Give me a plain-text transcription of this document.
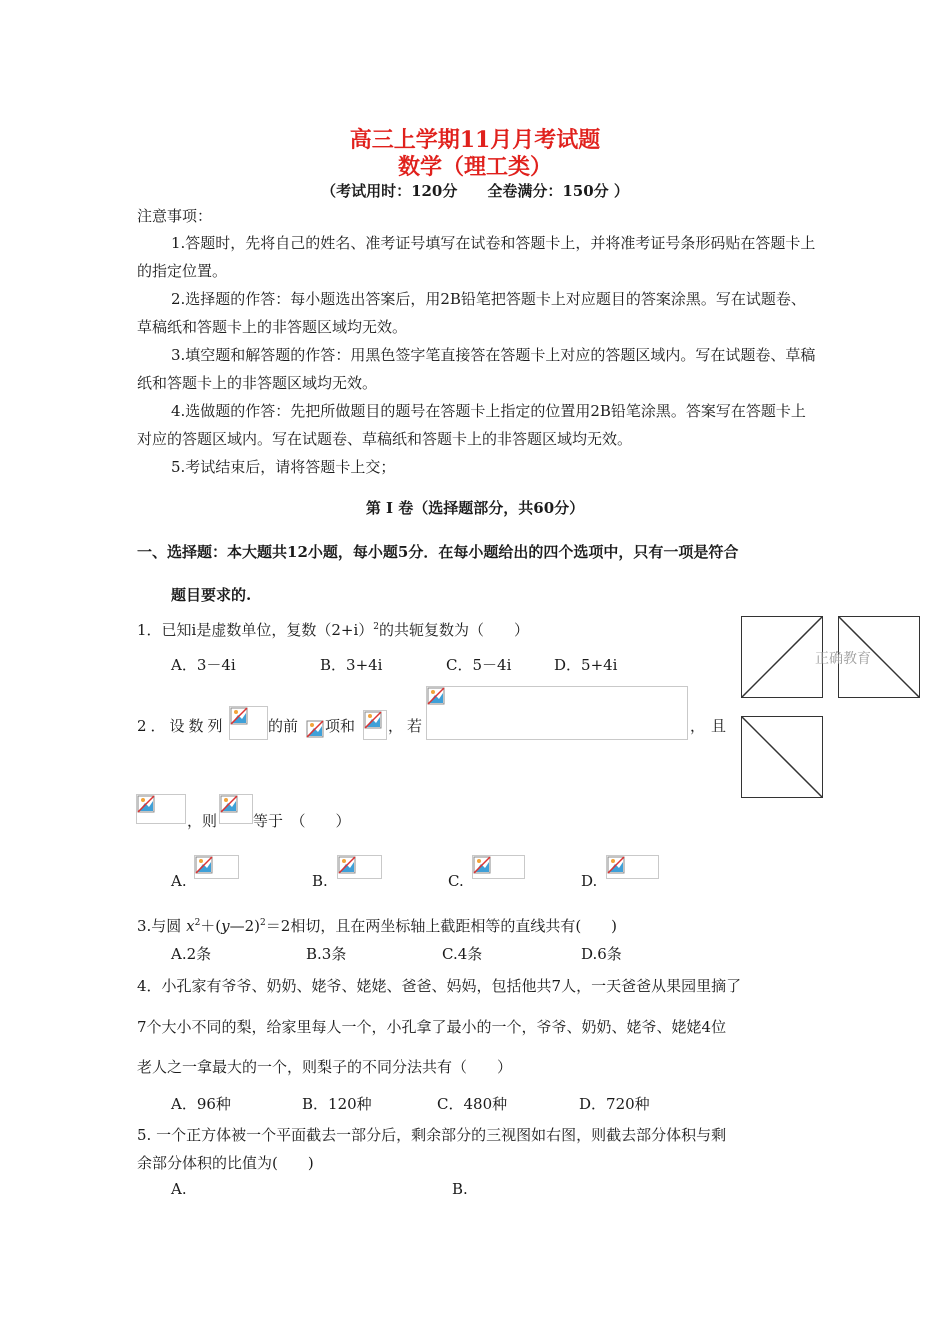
高三上学期11月月考试题
数学（理工类）
（考试用时：120分　　全卷满分：150分 ）
注意事项：
1.答题时，先将自己的姓名、准考证号填写在试卷和答题卡上，并将准考证号条形码贴在答题卡上的指定位置。
2.选择题的作答：每小题选出答案后，用2B铅笔把答题卡上对应题目的答案涂黑。写在试题卷、草稿纸和答题卡上的非答题区域均无效。
3.填空题和解答题的作答：用黑色签字笔直接答在答题卡上对应的答题区域内。写在试题卷、草稿纸和答题卡上的非答题区域均无效。
4.选做题的作答：先把所做题目的题号在答题卡上指定的位置用2B铅笔涂黑。答案写在答题卡上对应的答题区域内。写在试题卷、草稿纸和答题卡上的非答题区域均无效。
5.考试结束后，请将答题卡上交；
第 I 卷（选择题部分，共60分）
一、选择题：本大题共12小题，每小题5分．在每小题给出的四个选项中，只有一项是符合
题目要求的.
1．已知i是虚数单位，复数$(2+i)^2$的共轭复数为（　　）
A．3－4i	B．3+4i	C．5－4i	D．5+4i	正确教育
2．设数列	的前 项和 ，若	，且
，则 等于　（　　）
A.	B.	C.	D.
3.与圆 $x^2+(y—2)^2=2$相切，且在两坐标轴上截距相等的直线共有(　　)
A.2条	B.3条	C.4条	D.6条
4．小孔家有爷爷、奶奶、姥爷、姥姥、爸爸、妈妈，包括他共7人，一天爸爸从果园里摘了
7个大小不同的梨，给家里每人一个，小孔拿了最小的一个，爷爷、奶奶、姥爷、姥姥4位
老人之一拿最大的一个，则梨子的不同分法共有（　　）
A．96种	B．120种	C．480种	D．720种
5. 一个正方体被一个平面截去一部分后，剩余部分的三视图如右图，则截去部分体积与剩
余部分体积的比值为(　　)
A.	B.
